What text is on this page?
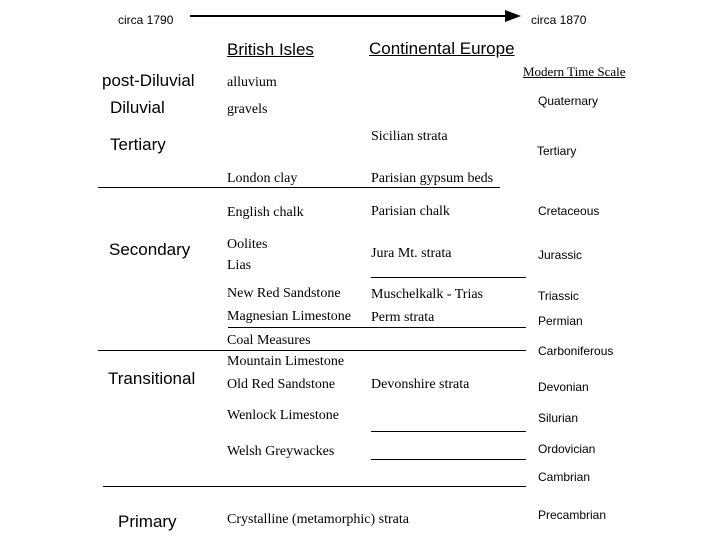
circa 1790	circa 1870
British Isles	Continental Europe
Modern Time Scale
post-Diluvial
Diluvial
Tertiary
Secondary
Transitional
Primary
alluvium
gravels
London clay
English chalk
Oolites
Lias
New Red Sandstone
Magnesian Limestone
Coal Measures
Mountain Limestone
Old Red Sandstone
Wenlock Limestone
Welsh Greywackes
Crystalline (metamorphic) strata
Sicilian strata
Parisian gypsum beds
Parisian chalk
Jura Mt. strata
Muschelkalk - Trias
Perm strata
Devonshire strata
Quaternary
Tertiary
Cretaceous
Jurassic
Triassic
Permian
Carboniferous
Devonian
Silurian
Ordovician
Cambrian
Precambrian
